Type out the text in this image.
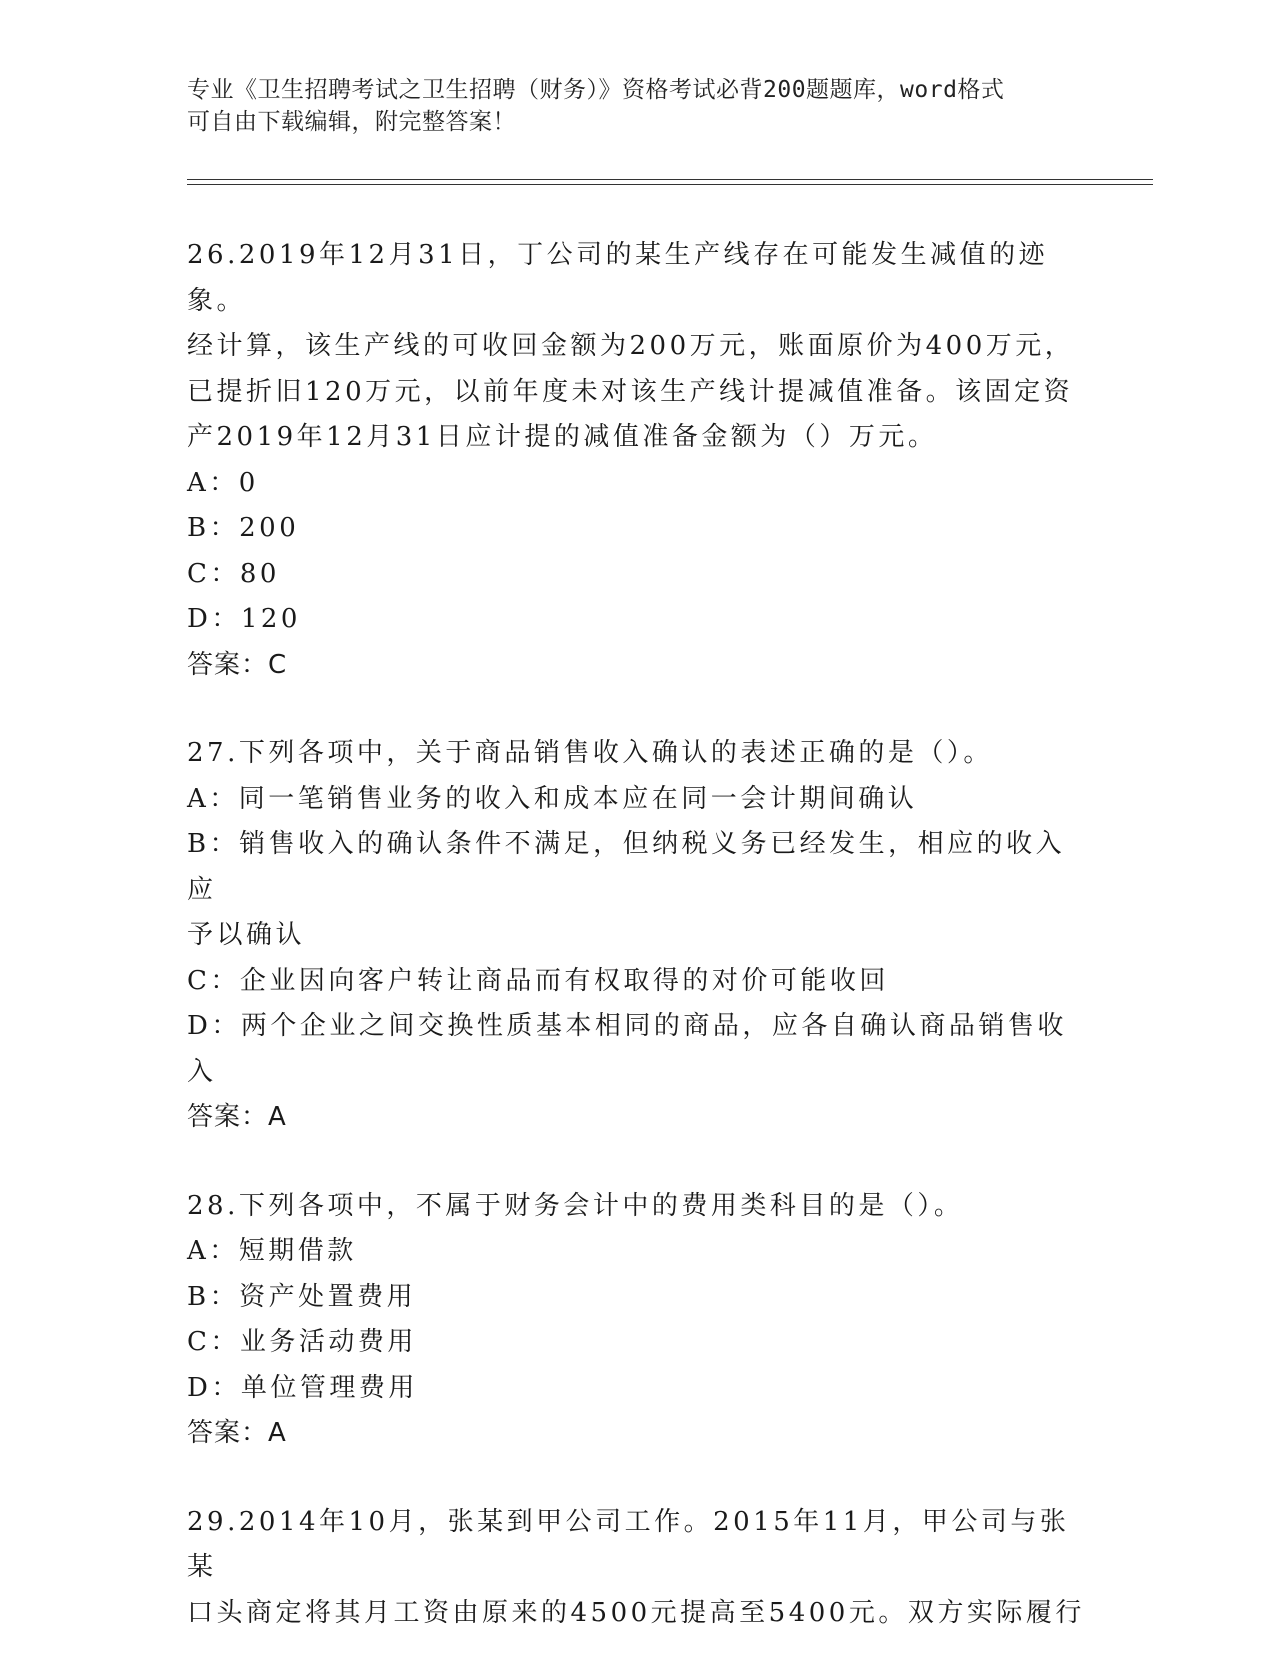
专业《卫生招聘考试之卫生招聘（财务）》资格考试必背200题题库，word格式
可自由下载编辑，附完整答案！
26.2019年12月31日，丁公司的某生产线存在可能发生减值的迹象。
经计算，该生产线的可收回金额为200万元，账面原价为400万元，
已提折旧120万元，以前年度未对该生产线计提减值准备。该固定资
产2019年12月31日应计提的减值准备金额为（）万元。
A：0
B：200
C：80
D：120
答案：C
27.下列各项中，关于商品销售收入确认的表述正确的是（）。
A：同一笔销售业务的收入和成本应在同一会计期间确认
B：销售收入的确认条件不满足，但纳税义务已经发生，相应的收入应
予以确认
C：企业因向客户转让商品而有权取得的对价可能收回
D：两个企业之间交换性质基本相同的商品，应各自确认商品销售收入
答案：A
28.下列各项中，不属于财务会计中的费用类科目的是（）。
A：短期借款
B：资产处置费用
C：业务活动费用
D：单位管理费用
答案：A
29.2014年10月，张某到甲公司工作。2015年11月，甲公司与张某
口头商定将其月工资由原来的4500元提高至5400元。双方实际履行
